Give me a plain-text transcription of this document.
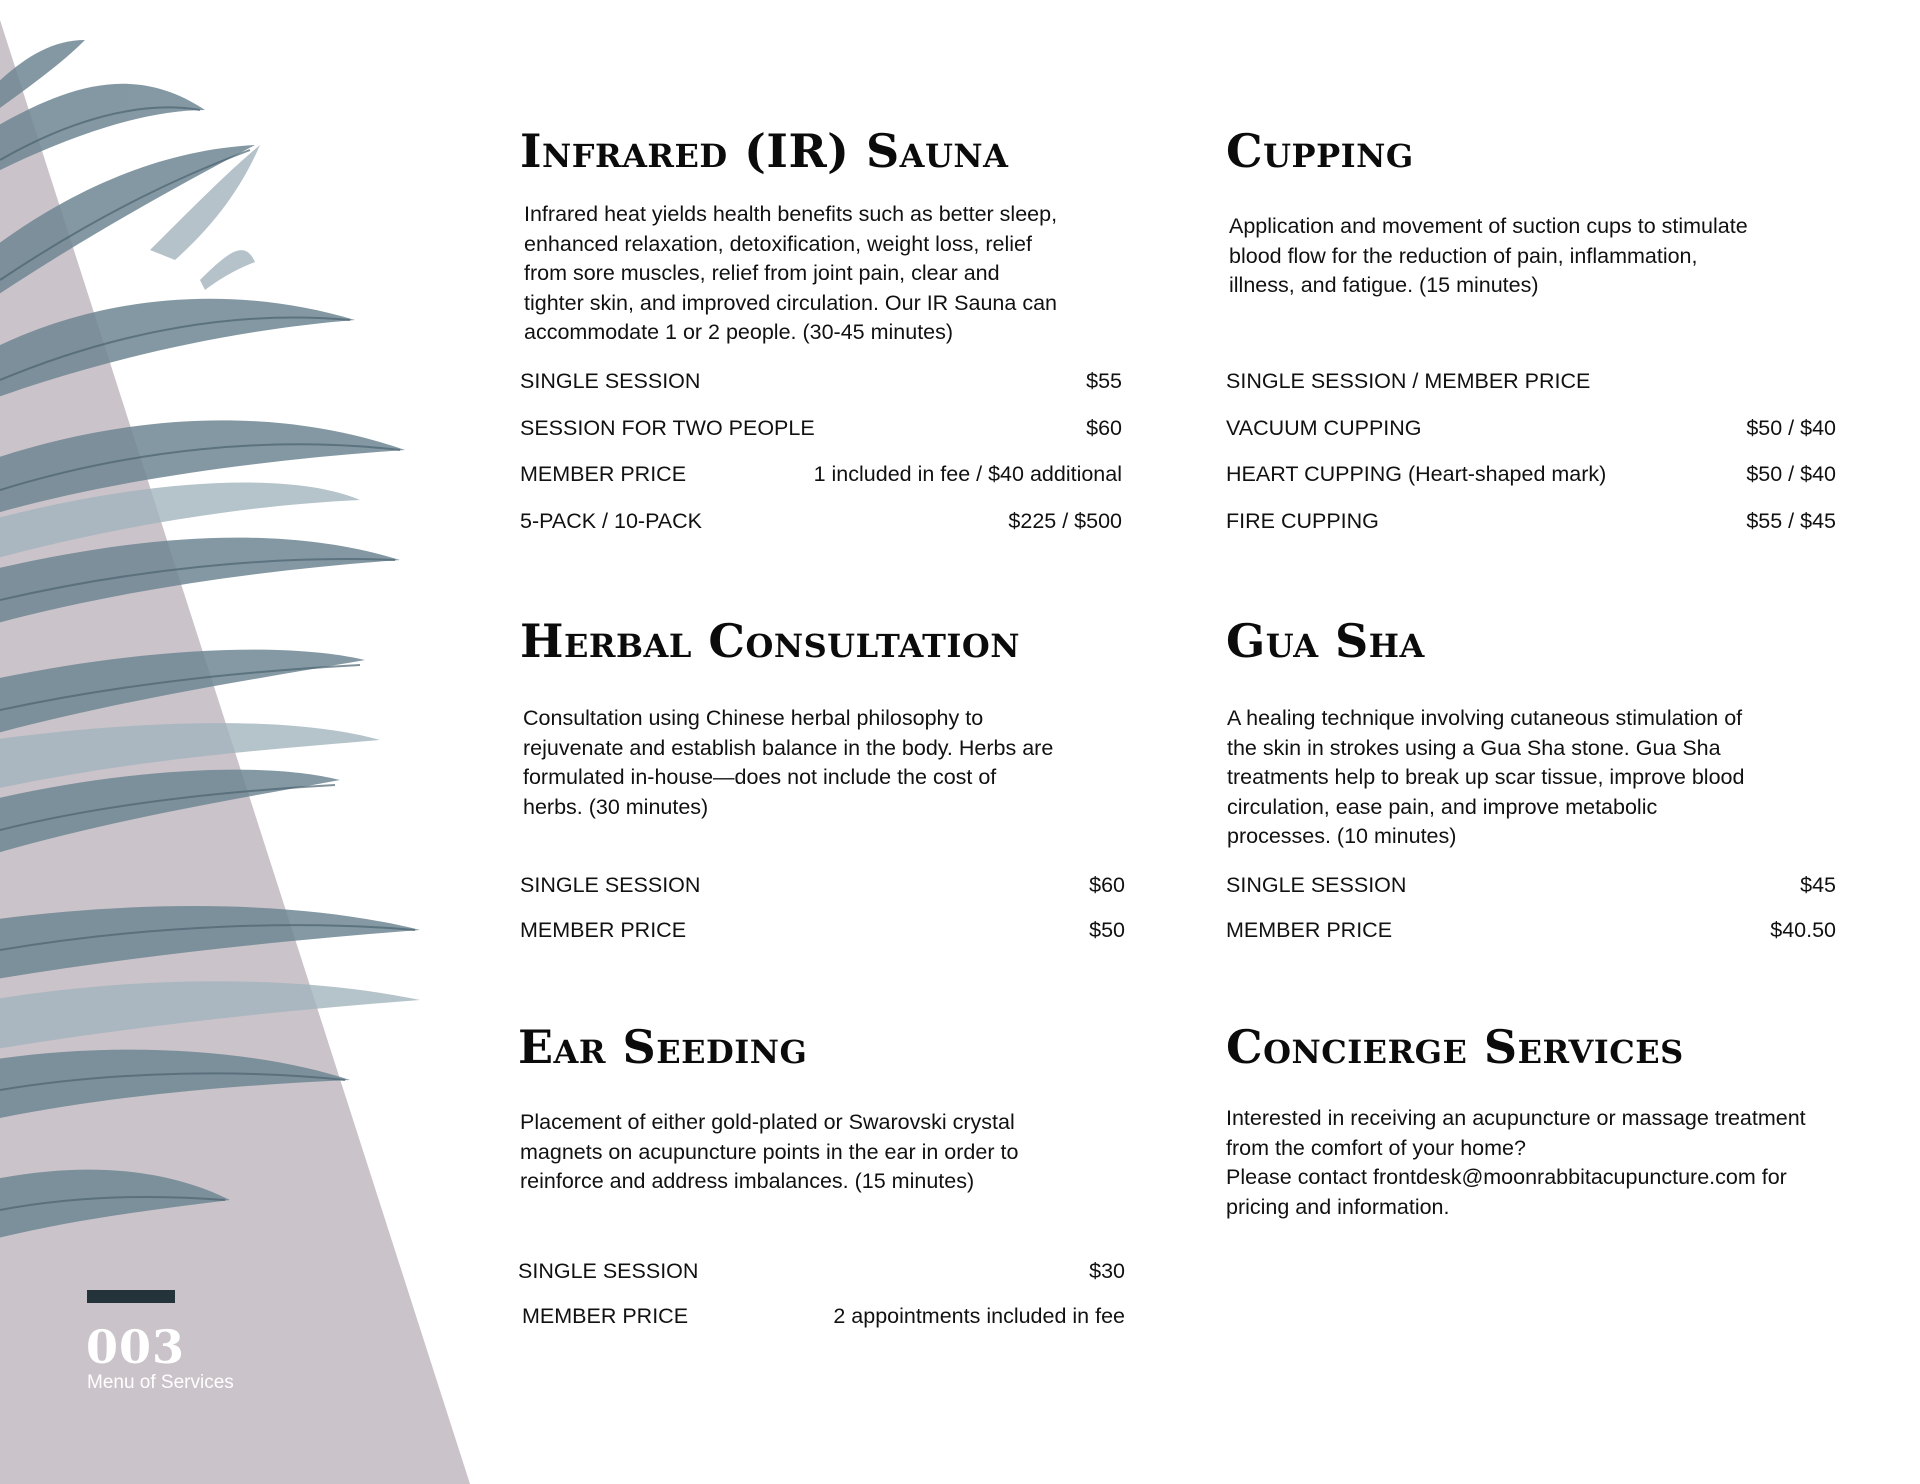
003
Menu of Services
Infrared (IR) Sauna

Infrared heat yields health benefits such as better sleep,
enhanced relaxation, detoxification, weight loss, relief
from sore muscles, relief from joint pain, clear and
tighter skin, and improved circulation. Our IR Sauna can
accommodate 1 or 2 people. (30-45 minutes)

SINGLE SESSION	$55
SESSION FOR TWO PEOPLE	$60
MEMBER PRICE	1 included in fee / $40 additional
5-PACK / 10-PACK	$225 / $500
Cupping

Application and movement of suction cups to stimulate
blood flow for the reduction of pain, inflammation,
illness, and fatigue. (15 minutes)

SINGLE SESSION / MEMBER PRICE
VACUUM CUPPING	$50 / $40
HEART CUPPING (Heart-shaped mark)	$50 / $40
FIRE CUPPING	$55 / $45
Herbal Consultation

Consultation using Chinese herbal philosophy to
rejuvenate and establish balance in the body. Herbs are
formulated in-house—does not include the cost of
herbs. (30 minutes)

SINGLE SESSION	$60
MEMBER PRICE	$50
Gua Sha

A healing technique involving cutaneous stimulation of
the skin in strokes using a Gua Sha stone. Gua Sha
treatments help to break up scar tissue, improve blood
circulation, ease pain, and improve metabolic
processes. (10 minutes)

SINGLE SESSION	$45
MEMBER PRICE	$40.50
Ear Seeding

Placement of either gold-plated or Swarovski crystal
magnets on acupuncture points in the ear in order to
reinforce and address imbalances. (15 minutes)

SINGLE SESSION	$30
MEMBER PRICE	2 appointments included in fee
Concierge Services

Interested in receiving an acupuncture or massage treatment
from the comfort of your home?
Please contact frontdesk@moonrabbitacupuncture.com for
pricing and information.
